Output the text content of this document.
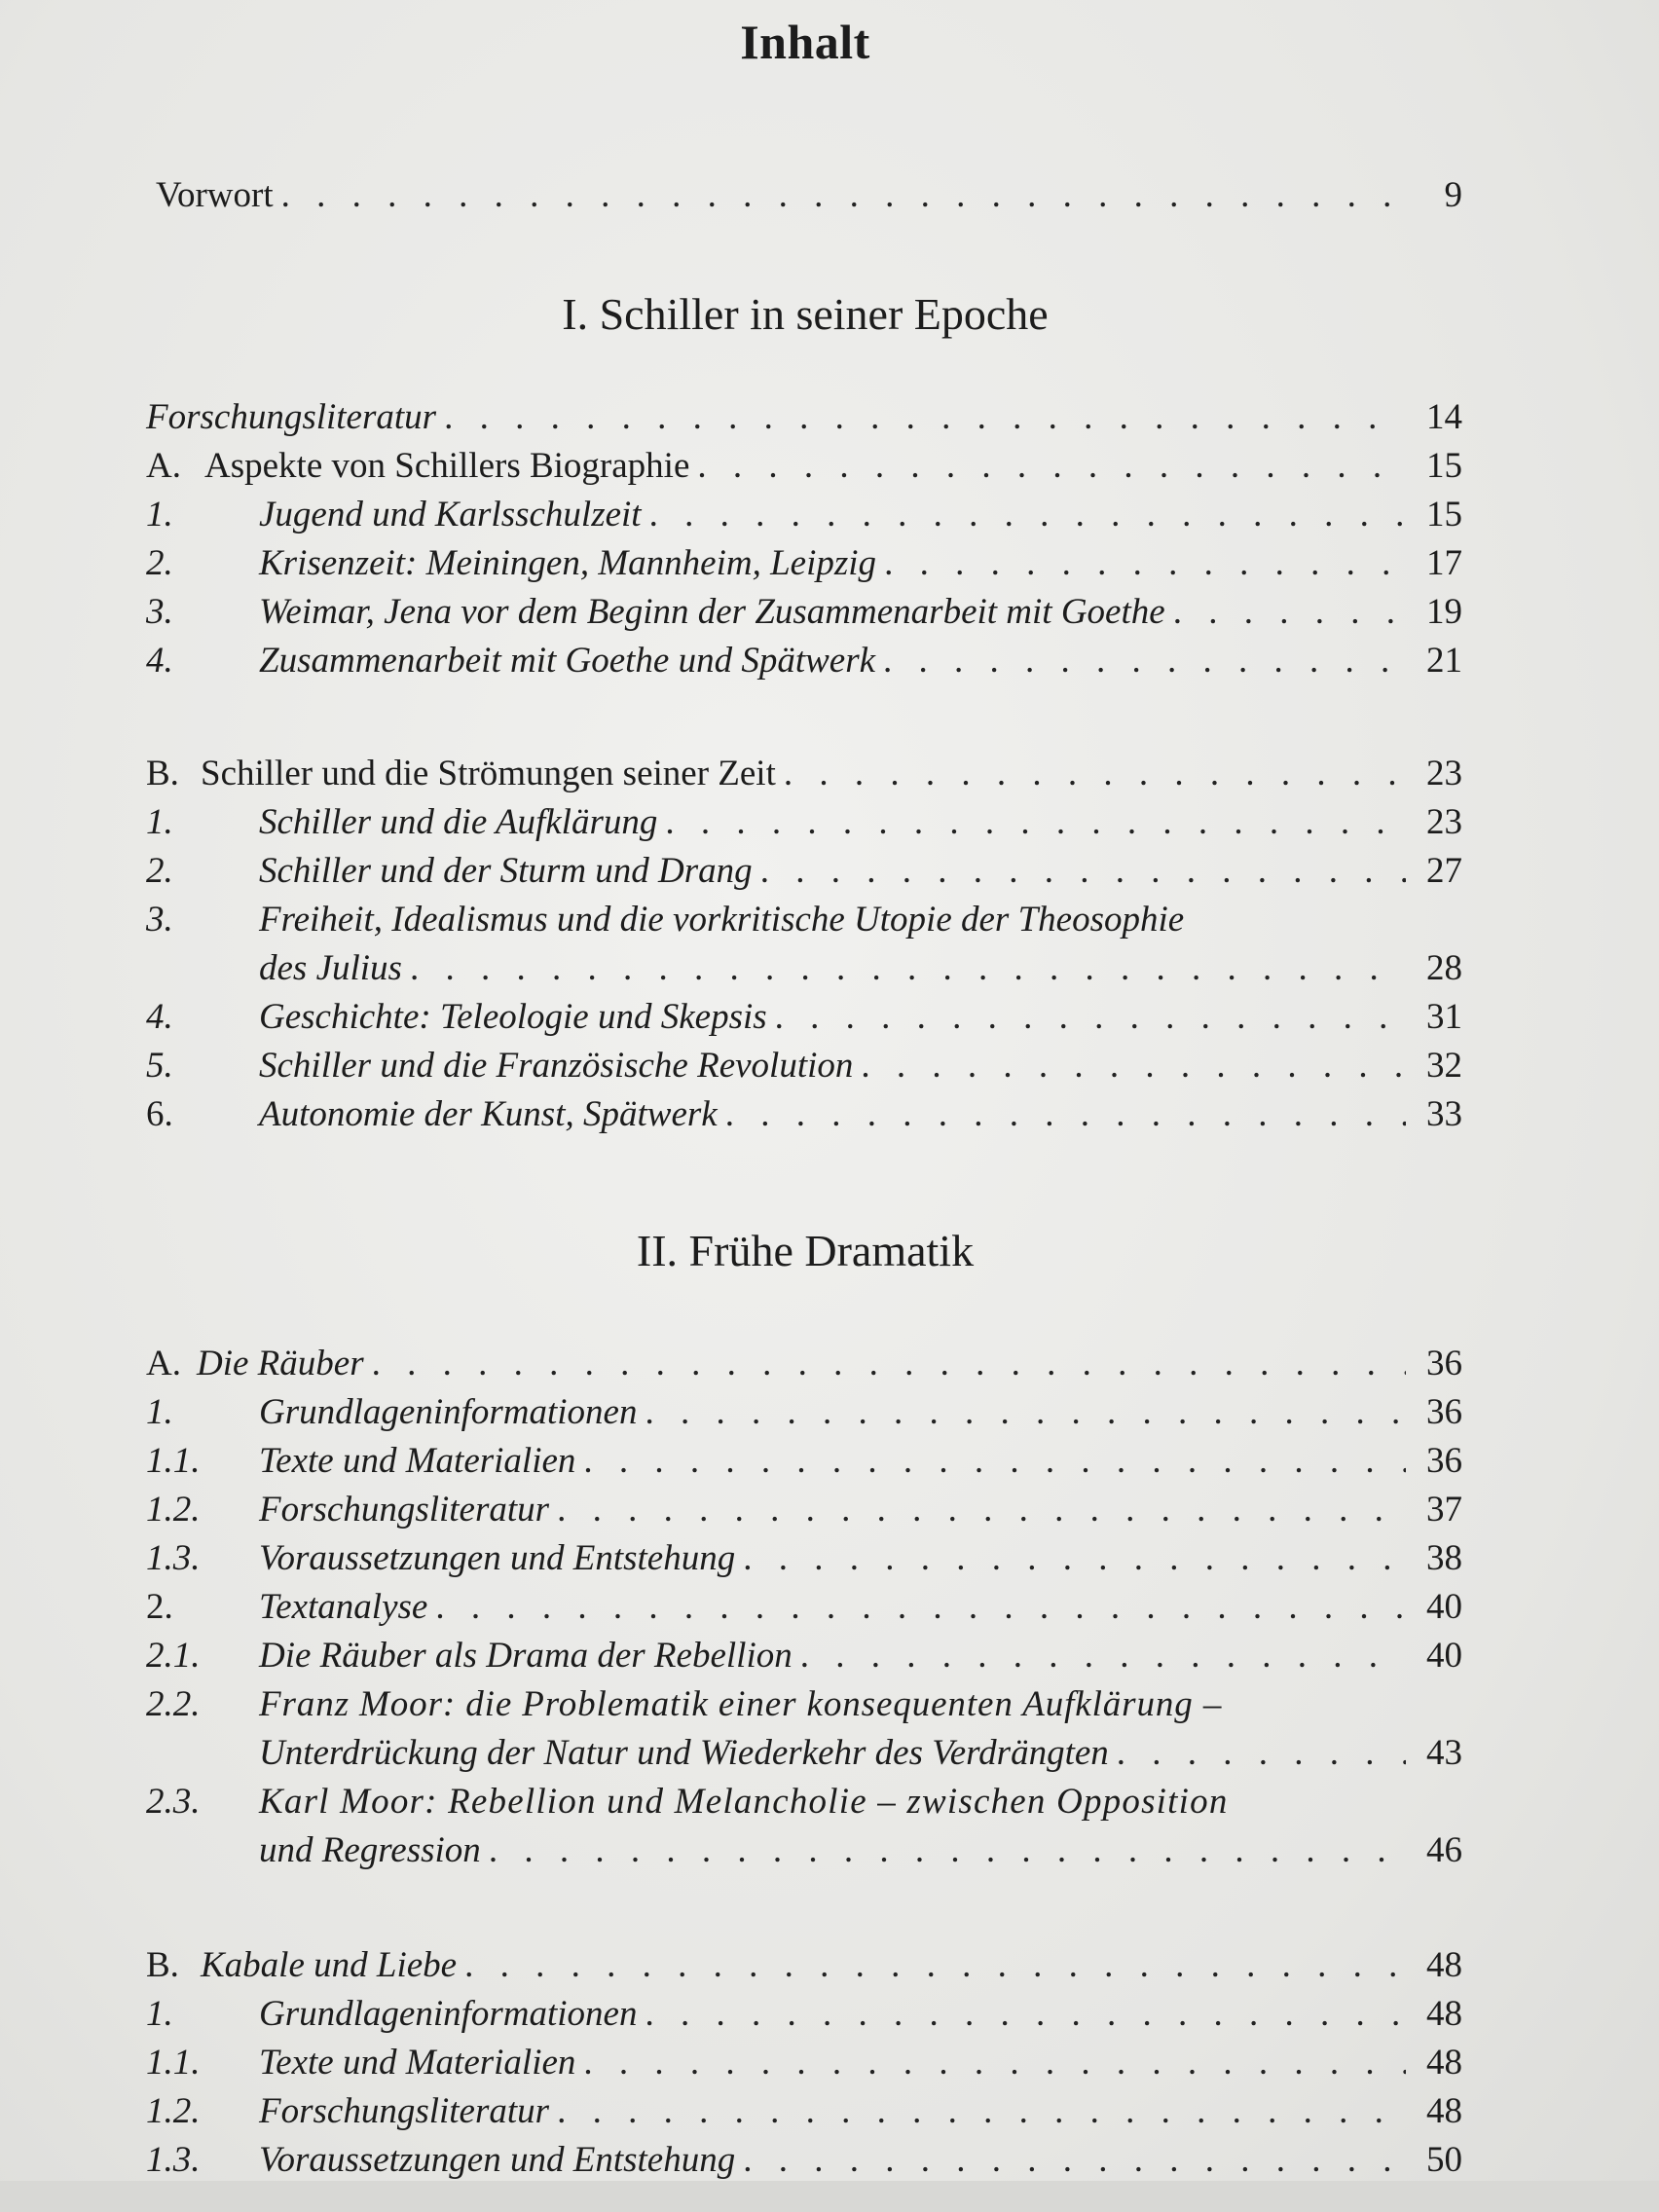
Inhalt
Vorwort . . .	9
I. Schiller in seiner Epoche
Forschungsliteratur . . .	14
A. Aspekte von Schillers Biographie . . .	15
1.	Jugend und Karlsschulzeit . . .	15
2.	Krisenzeit: Meiningen, Mannheim, Leipzig . . .	17
3.	Weimar, Jena vor dem Beginn der Zusammenarbeit mit Goethe . . .	19
4.	Zusammenarbeit mit Goethe und Spätwerk . . .	21
B. Schiller und die Strömungen seiner Zeit . . .	23
1.	Schiller und die Aufklärung . . .	23
2.	Schiller und der Sturm und Drang . . .	27
3.	Freiheit, Idealismus und die vorkritische Utopie der Theosophie
des Julius . . .	28
4.	Geschichte: Teleologie und Skepsis . . .	31
5.	Schiller und die Französische Revolution . . .	32
6.	Autonomie der Kunst, Spätwerk . . .	33
II. Frühe Dramatik
A. Die Räuber . . .	36
1.	Grundlageninformationen . . .	36
1.1.	Texte und Materialien . . .	36
1.2.	Forschungsliteratur . . .	37
1.3.	Voraussetzungen und Entstehung . . .	38
2.	Textanalyse . . .	40
2.1.	Die Räuber als Drama der Rebellion . . .	40
2.2.	Franz Moor: die Problematik einer konsequenten Aufklärung –
Unterdrückung der Natur und Wiederkehr des Verdrängten . . .	43
2.3.	Karl Moor: Rebellion und Melancholie – zwischen Opposition
und Regression . . .	46
B. Kabale und Liebe . . .	48
1.	Grundlageninformationen . . .	48
1.1.	Texte und Materialien . . .	48
1.2.	Forschungsliteratur . . .	48
1.3.	Voraussetzungen und Entstehung . . .	50
